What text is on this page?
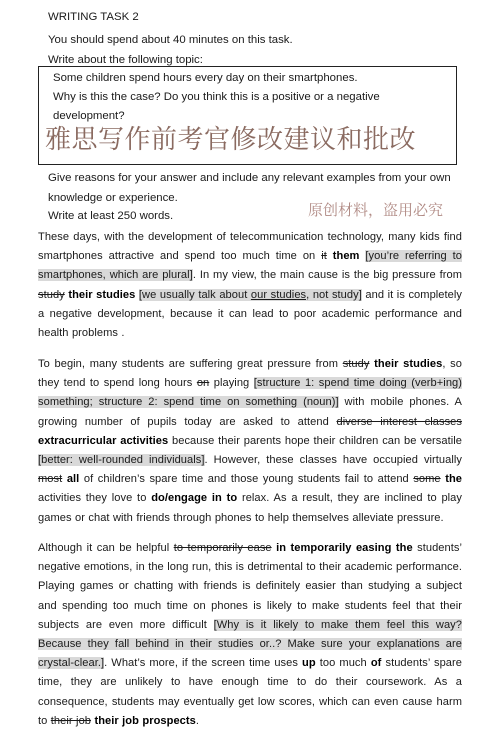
WRITING TASK 2
You should spend about 40 minutes on this task.
Write about the following topic:
Some children spend hours every day on their smartphones.
Why is this the case? Do you think this is a positive or a negative
development?
雅思写作前考官修改建议和批改
Give reasons for your answer and include any relevant examples from your own
knowledge or experience.
Write at least 250 words.	原创材料，盗用必究
These days, with the development of telecommunication technology, many kids find smartphones attractive and spend too much time on it them [you’re referring to smartphones, which are plural]. In my view, the main cause is the big pressure from study their studies [we usually talk about our studies, not study] and it is completely a negative development, because it can lead to poor academic performance and health problems .
To begin, many students are suffering great pressure from study their studies, so they tend to spend long hours on playing [structure 1: spend time doing (verb+ing) something; structure 2: spend time on something (noun)] with mobile phones. A growing number of pupils today are asked to attend diverse interest classes extracurricular activities because their parents hope their children can be versatile [better: well-rounded individuals]. However, these classes have occupied virtually most all of children’s spare time and those young students fail to attend some the activities they love to do/engage in to relax. As a result, they are inclined to play games or chat with friends through phones to help themselves alleviate pressure.
Although it can be helpful to temporarily ease in temporarily easing the students’ negative emotions, in the long run, this is detrimental to their academic performance. Playing games or chatting with friends is definitely easier than studying a subject and spending too much time on phones is likely to make students feel that their subjects are even more difficult [Why is it likely to make them feel this way? Because they fall behind in their studies or..? Make sure your explanations are crystal-clear.]. What’s more, if the screen time uses up too much of students’ spare time, they are unlikely to have enough time to do their coursework. As a consequence, students may eventually get low scores, which can even cause harm to their job their job prospects.
